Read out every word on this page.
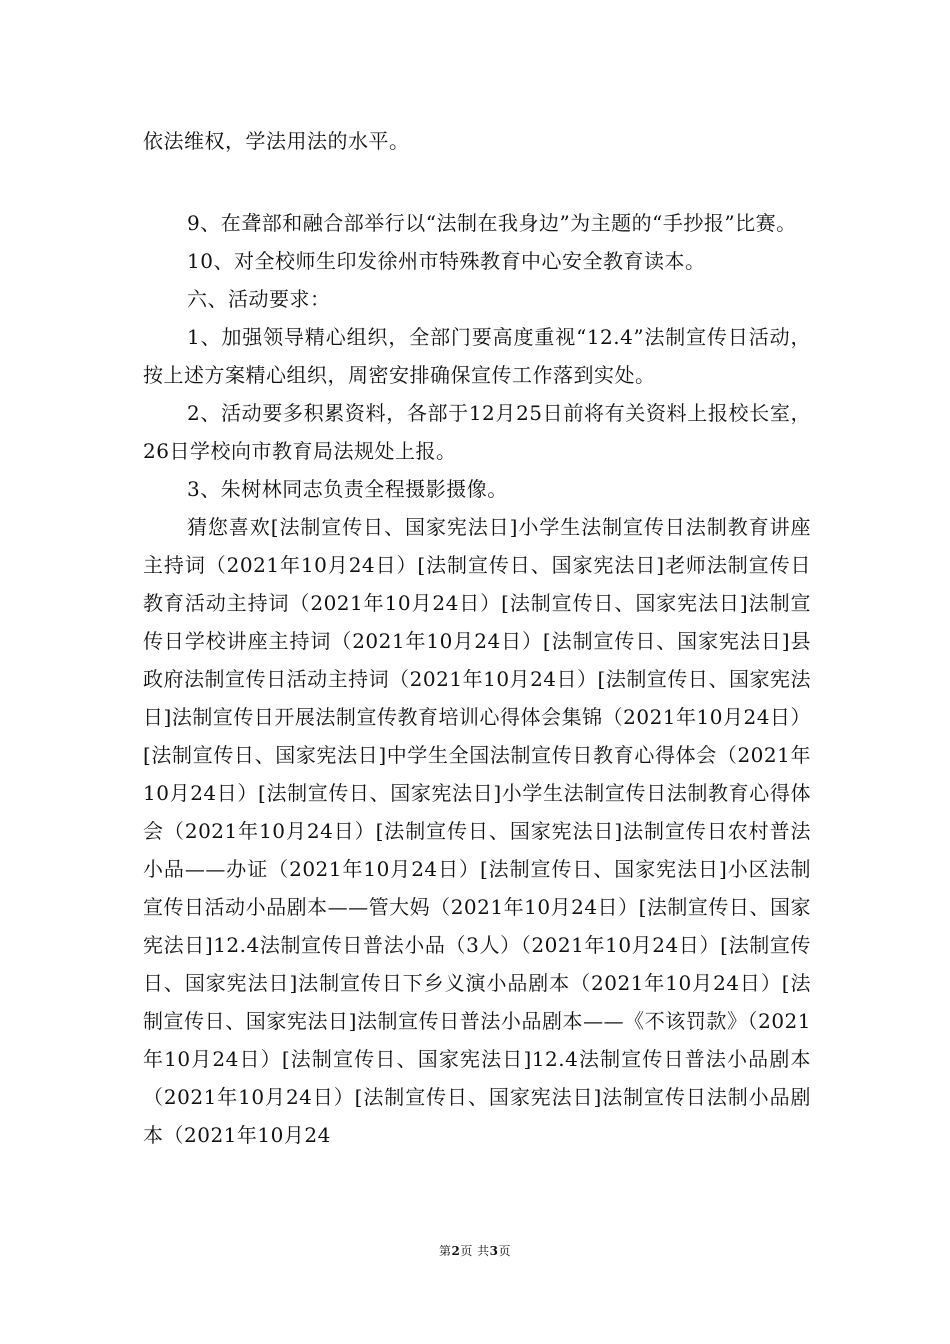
依法维权，学法用法的水平。

9、在聋部和融合部举行以“法制在我身边”为主题的“手抄报”比赛。

10、对全校师生印发徐州市特殊教育中心安全教育读本。

六、活动要求：

1、加强领导精心组织，全部门要高度重视“12.4”法制宣传日活动，按上述方案精心组织，周密安排确保宣传工作落到实处。

2、活动要多积累资料，各部于12月25日前将有关资料上报校长室，26日学校向市教育局法规处上报。

3、朱树林同志负责全程摄影摄像。

猜您喜欢[法制宣传日、国家宪法日]小学生法制宣传日法制教育讲座主持词（2021年10月24日）[法制宣传日、国家宪法日]老师法制宣传日教育活动主持词（2021年10月24日）[法制宣传日、国家宪法日]法制宣传日学校讲座主持词（2021年10月24日）[法制宣传日、国家宪法日]县政府法制宣传日活动主持词（2021年10月24日）[法制宣传日、国家宪法日]法制宣传日开展法制宣传教育培训心得体会集锦（2021年10月24日）[法制宣传日、国家宪法日]中学生全国法制宣传日教育心得体会（2021年10月24日）[法制宣传日、国家宪法日]小学生法制宣传日法制教育心得体会（2021年10月24日）[法制宣传日、国家宪法日]法制宣传日农村普法小品——办证（2021年10月24日）[法制宣传日、国家宪法日]小区法制宣传日活动小品剧本——管大妈（2021年10月24日）[法制宣传日、国家宪法日]12.4法制宣传日普法小品（3人）（2021年10月24日）[法制宣传日、国家宪法日]法制宣传日下乡义演小品剧本（2021年10月24日）[法制宣传日、国家宪法日]法制宣传日普法小品剧本——《不该罚款》（2021年10月24日）[法制宣传日、国家宪法日]12.4法制宣传日普法小品剧本（2021年10月24日）[法制宣传日、国家宪法日]法制宣传日法制小品剧本（2021年10月24

第2页 共3页
